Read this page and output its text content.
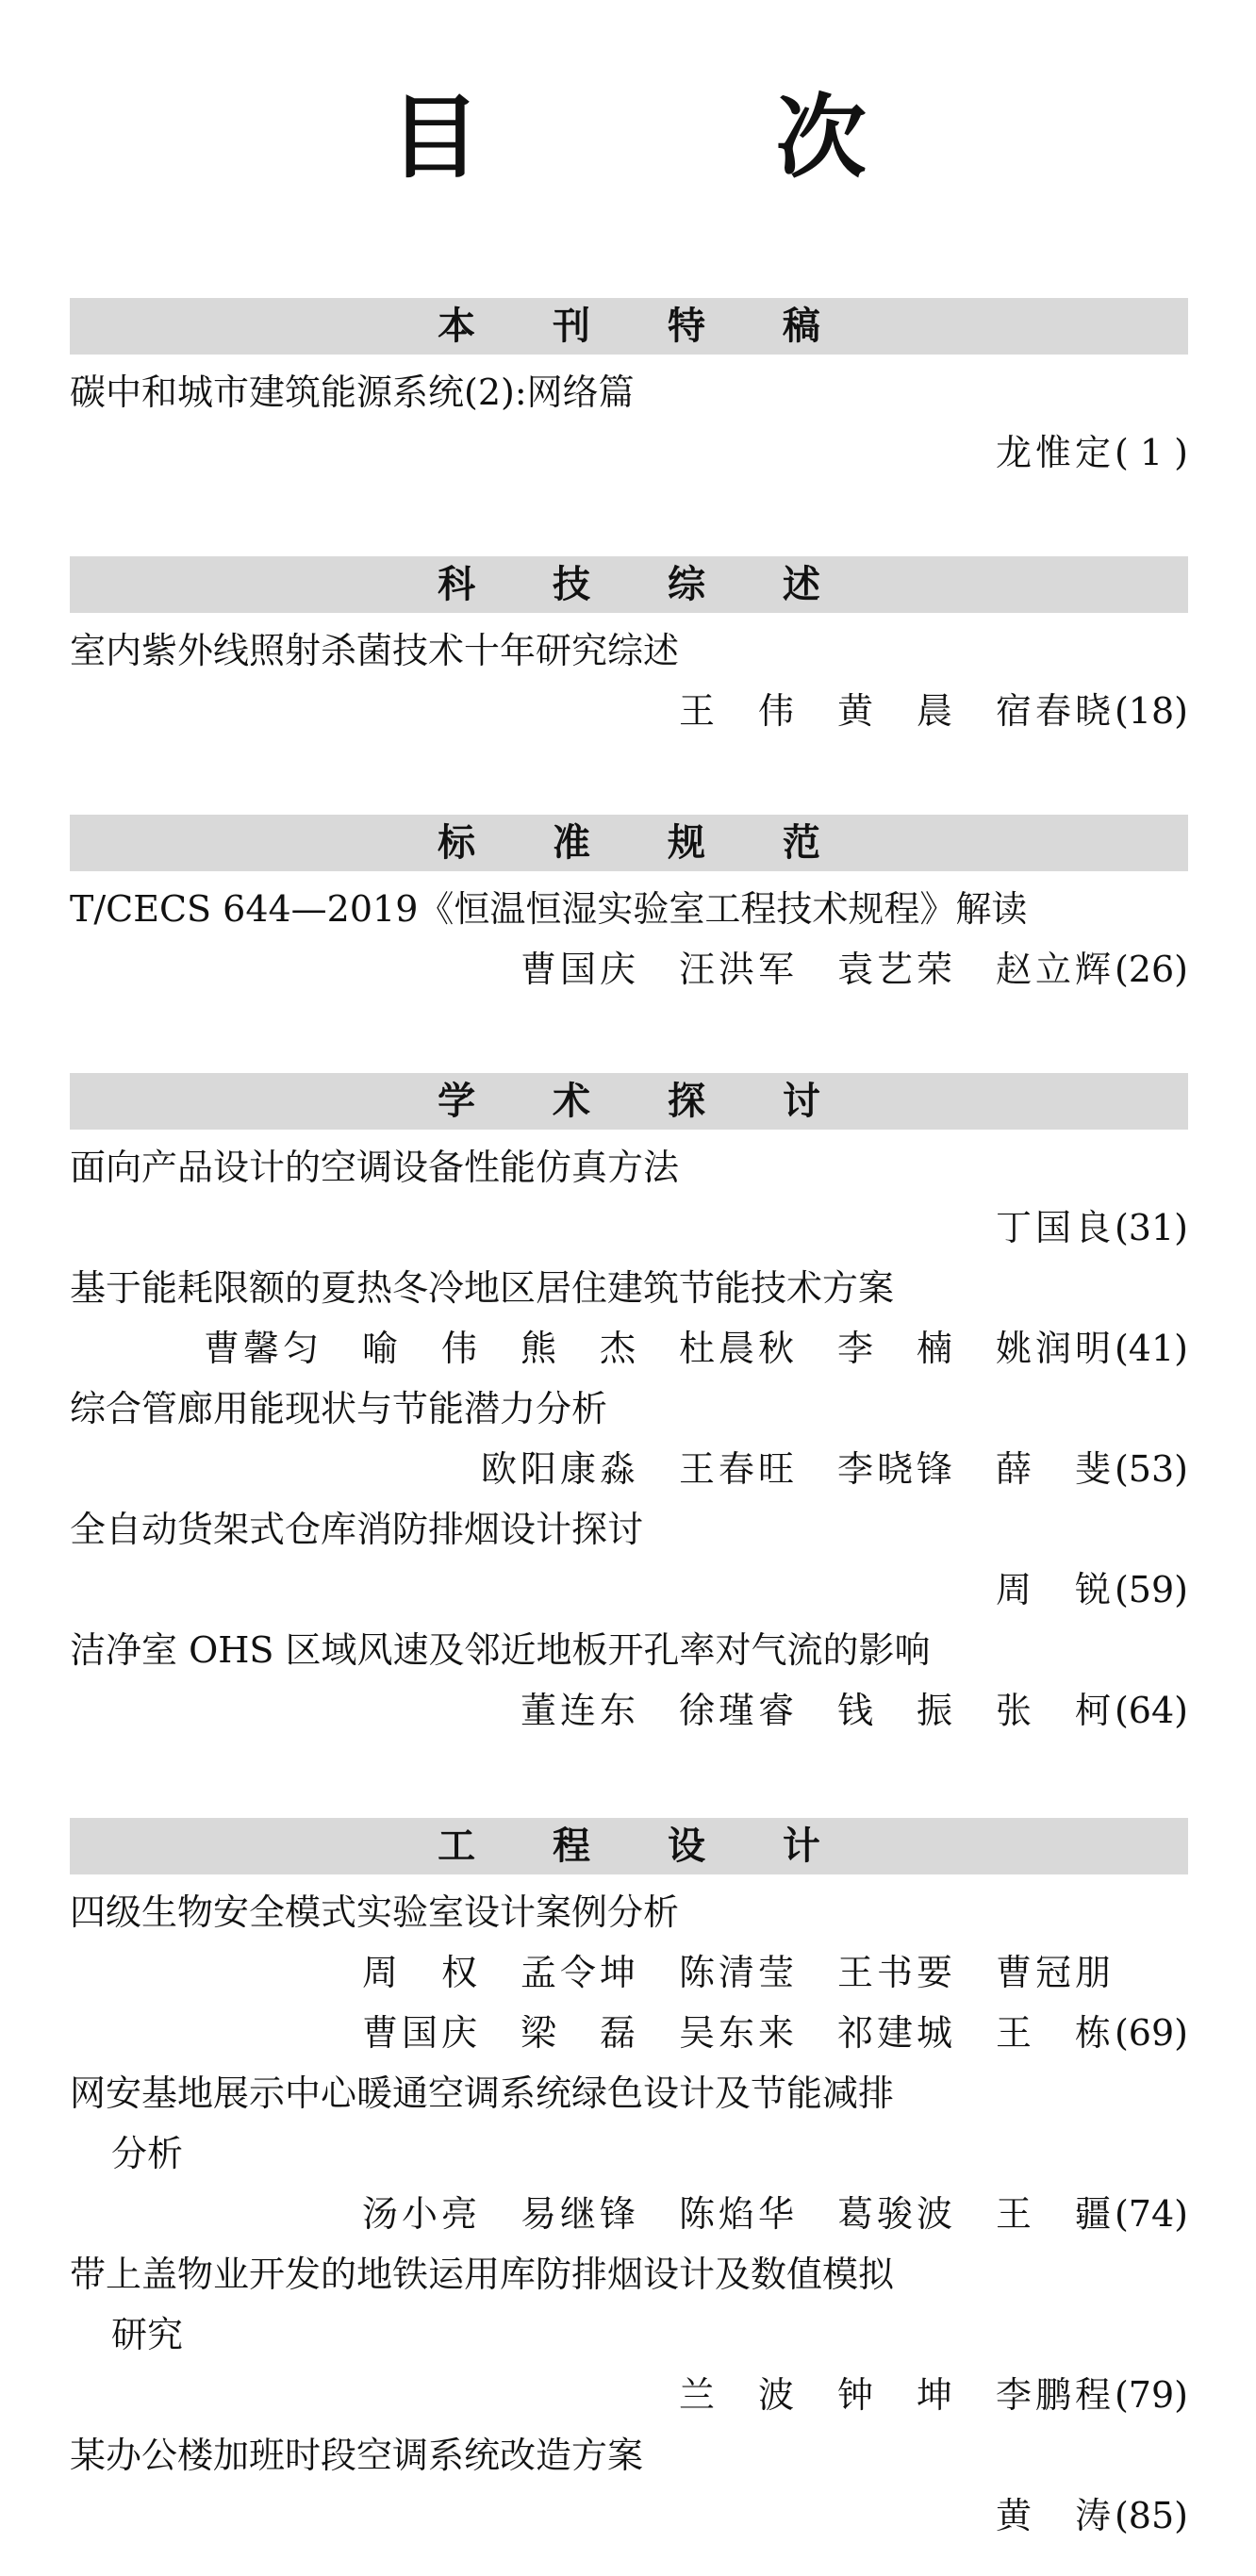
目 次
本 刊 特 稿
碳中和城市建筑能源系统(2):网络篇
龙惟定( 1 )
科 技 综 述
室内紫外线照射杀菌技术十年研究综述
王　伟　黄　晨　宿春晓(18)
标 准 规 范
T/CECS 644—2019《恒温恒湿实验室工程技术规程》解读
曹国庆　汪洪军　袁艺荣　赵立辉(26)
学 术 探 讨
面向产品设计的空调设备性能仿真方法
丁国良(31)
基于能耗限额的夏热冬冷地区居住建筑节能技术方案
曹馨匀　喻　伟　熊　杰　杜晨秋　李　楠　姚润明(41)
综合管廊用能现状与节能潜力分析
欧阳康淼　王春旺　李晓锋　薛　斐(53)
全自动货架式仓库消防排烟设计探讨
周　锐(59)
洁净室 OHS 区域风速及邻近地板开孔率对气流的影响
董连东　徐瑾睿　钱　振　张　柯(64)
工 程 设 计
四级生物安全模式实验室设计案例分析
周　权　孟令坤　陈清莹　王书要　曹冠朋
曹国庆　梁　磊　吴东来　祁建城　王　栋(69)
网安基地展示中心暖通空调系统绿色设计及节能减排
分析
汤小亮　易继锋　陈焰华　葛骏波　王　疆(74)
带上盖物业开发的地铁运用库防排烟设计及数值模拟
研究
兰　波　钟　坤　李鹏程(79)
某办公楼加班时段空调系统改造方案
黄　涛(85)
